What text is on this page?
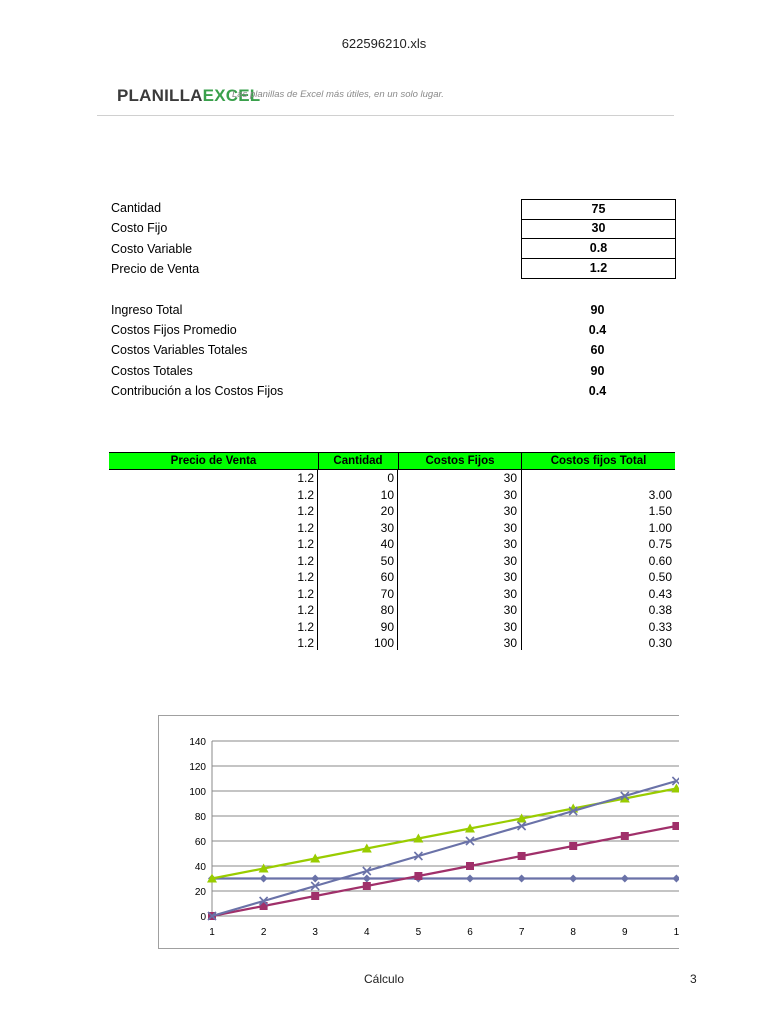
622596210.xls
PLANILLAEXCEL
Las planillas de Excel más útiles, en un solo lugar.
Cantidad	75
Costo Fijo	30
Costo Variable	0.8
Precio de Venta	1.2
Ingreso Total	90
Costos Fijos Promedio	0.4
Costos Variables Totales	60
Costos Totales	90
Contribución a los Costos Fijos	0.4
Precio de Venta	Cantidad	Costos Fijos	Costos fijos Total
1.2	0	30
1.2	10	30	3.00
1.2	20	30	1.50
1.2	30	30	1.00
1.2	40	30	0.75
1.2	50	30	0.60
1.2	60	30	0.50
1.2	70	30	0.43
1.2	80	30	0.38
1.2	90	30	0.33
1.2	100	30	0.30
0
20
40
60
80
100
120
140
1	2	3	4	5	6	7	8	9	1
Cálculo	3
